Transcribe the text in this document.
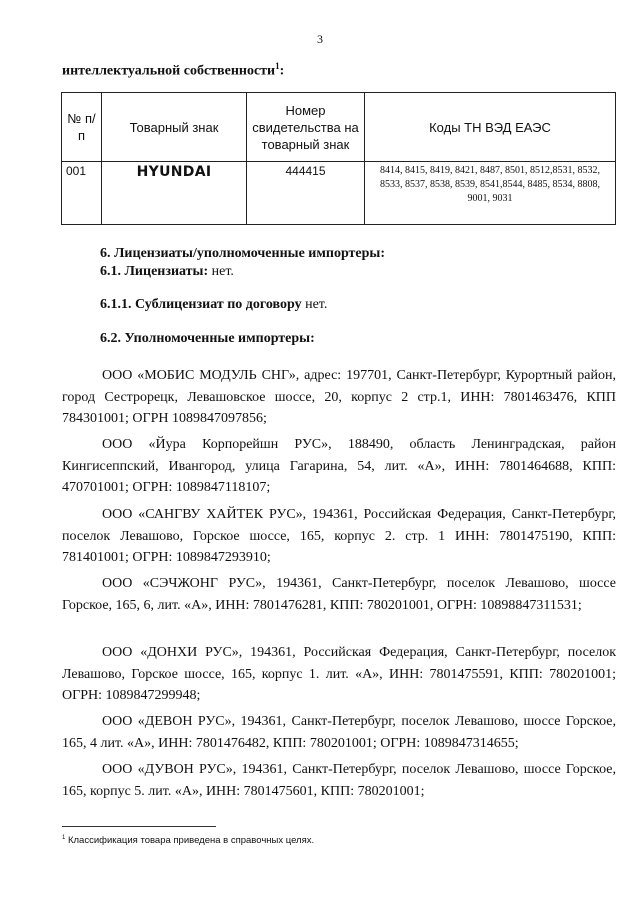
3
интеллектуальной собственности$^1$:
№ п/п	Товарный знак	Номер свидетельства на товарный знак	Коды ТН ВЭД ЕАЭС
001	HYUNDAI	444415	8414, 8415, 8419, 8421, 8487, 8501, 8512,8531, 8532, 8533, 8537, 8538, 8539, 8541,8544, 8485, 8534, 8808, 9001, 9031
6. Лицензиаты/уполномоченные импортеры:
6.1. Лицензиаты: нет.
6.1.1. Сублицензиат по договору нет.
6.2. Уполномоченные импортеры:

ООО «МОБИС МОДУЛЬ СНГ», адрес: 197701, Санкт-Петербург, Курортный район, город Сестрорецк, Левашовское шоссе, 20, корпус 2 стр.1, ИНН: 7801463476, КПП 784301001; ОГРН 1089847097856;

ООО «Йура Корпорейшн РУС», 188490, область Ленинградская, район Кингисеппский, Ивангород, улица Гагарина, 54, лит. «А», ИНН: 7801464688, КПП: 470701001; ОГРН: 1089847118107;

ООО «САНГВУ ХАЙТЕК РУС», 194361, Российская Федерация, Санкт-Петербург, поселок Левашово, Горское шоссе, 165, корпус 2. стр. 1 ИНН: 7801475190, КПП: 781401001; ОГРН: 1089847293910;

ООО «СЭЧЖОНГ РУС», 194361, Санкт-Петербург, поселок Левашово, шоссе Горское, 165, 6, лит. «А», ИНН: 7801476281, КПП: 780201001, ОГРН: 10898847311531;

ООО «ДОНХИ РУС», 194361, Российская Федерация, Санкт-Петербург, поселок Левашово, Горское шоссе, 165, корпус 1. лит. «А», ИНН: 7801475591, КПП: 780201001; ОГРН: 1089847299948;

ООО «ДЕВОН РУС», 194361, Санкт-Петербург, поселок Левашово, шоссе Горское, 165, 4 лит. «А», ИНН: 7801476482, КПП: 780201001; ОГРН: 1089847314655;

ООО «ДУВОН РУС», 194361, Санкт-Петербург, поселок Левашово, шоссе Горское, 165, корпус 5. лит. «А», ИНН: 7801475601, КПП: 780201001;

$^1$ Классификация товара приведена в справочных целях.
